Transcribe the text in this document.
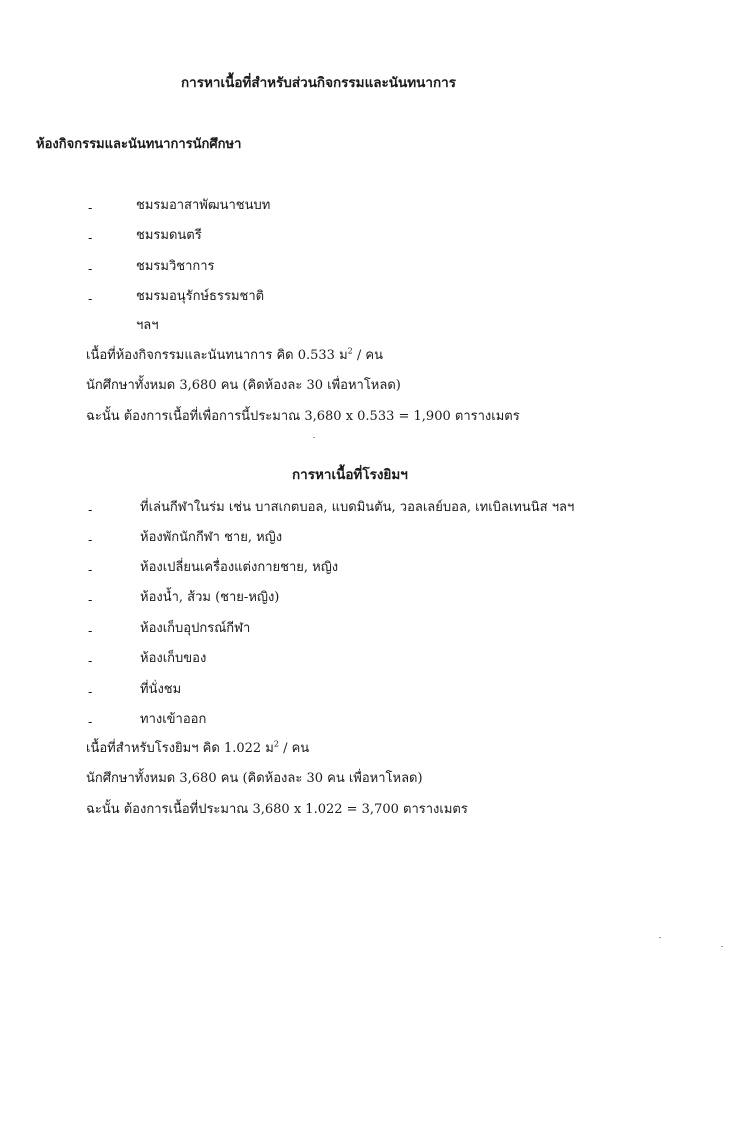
การหาเนื้อที่สำหรับส่วนกิจกรรมและนันทนาการ
ห้องกิจกรรมและนันทนาการนักศึกษา
-	ชมรมอาสาพัฒนาชนบท
-	ชมรมดนตรี
-	ชมรมวิชาการ
-	ชมรมอนุรักษ์ธรรมชาติ
ฯลฯ
เนื้อที่ห้องกิจกรรมและนันทนาการ คิด 0.533 ม$^2$ / คน
นักศึกษาทั้งหมด 3,680 คน (คิดห้องละ 30 เพื่อหาโหลด)
ฉะนั้น ต้องการเนื้อที่เพื่อการนี้ประมาณ 3,680 x 0.533 = 1,900 ตารางเมตร
การหาเนื้อที่โรงยิมฯ
-	ที่เล่นกีฬาในร่ม เช่น บาสเกตบอล, แบดมินตัน, วอลเลย์บอล, เทเบิลเทนนิส ฯลฯ
-	ห้องพักนักกีฬา ชาย, หญิง
-	ห้องเปลี่ยนเครื่องแต่งกายชาย, หญิง
-	ห้องน้ำ, ส้วม (ชาย-หญิง)
-	ห้องเก็บอุปกรณ์กีฬา
-	ห้องเก็บของ
-	ที่นั่งชม
-	ทางเข้าออก
เนื้อที่สำหรับโรงยิมฯ คิด 1.022 ม$^2$ / คน
นักศึกษาทั้งหมด 3,680 คน (คิดห้องละ 30 คน เพื่อหาโหลด)
ฉะนั้น ต้องการเนื้อที่ประมาณ 3,680 x 1.022 = 3,700 ตารางเมตร
